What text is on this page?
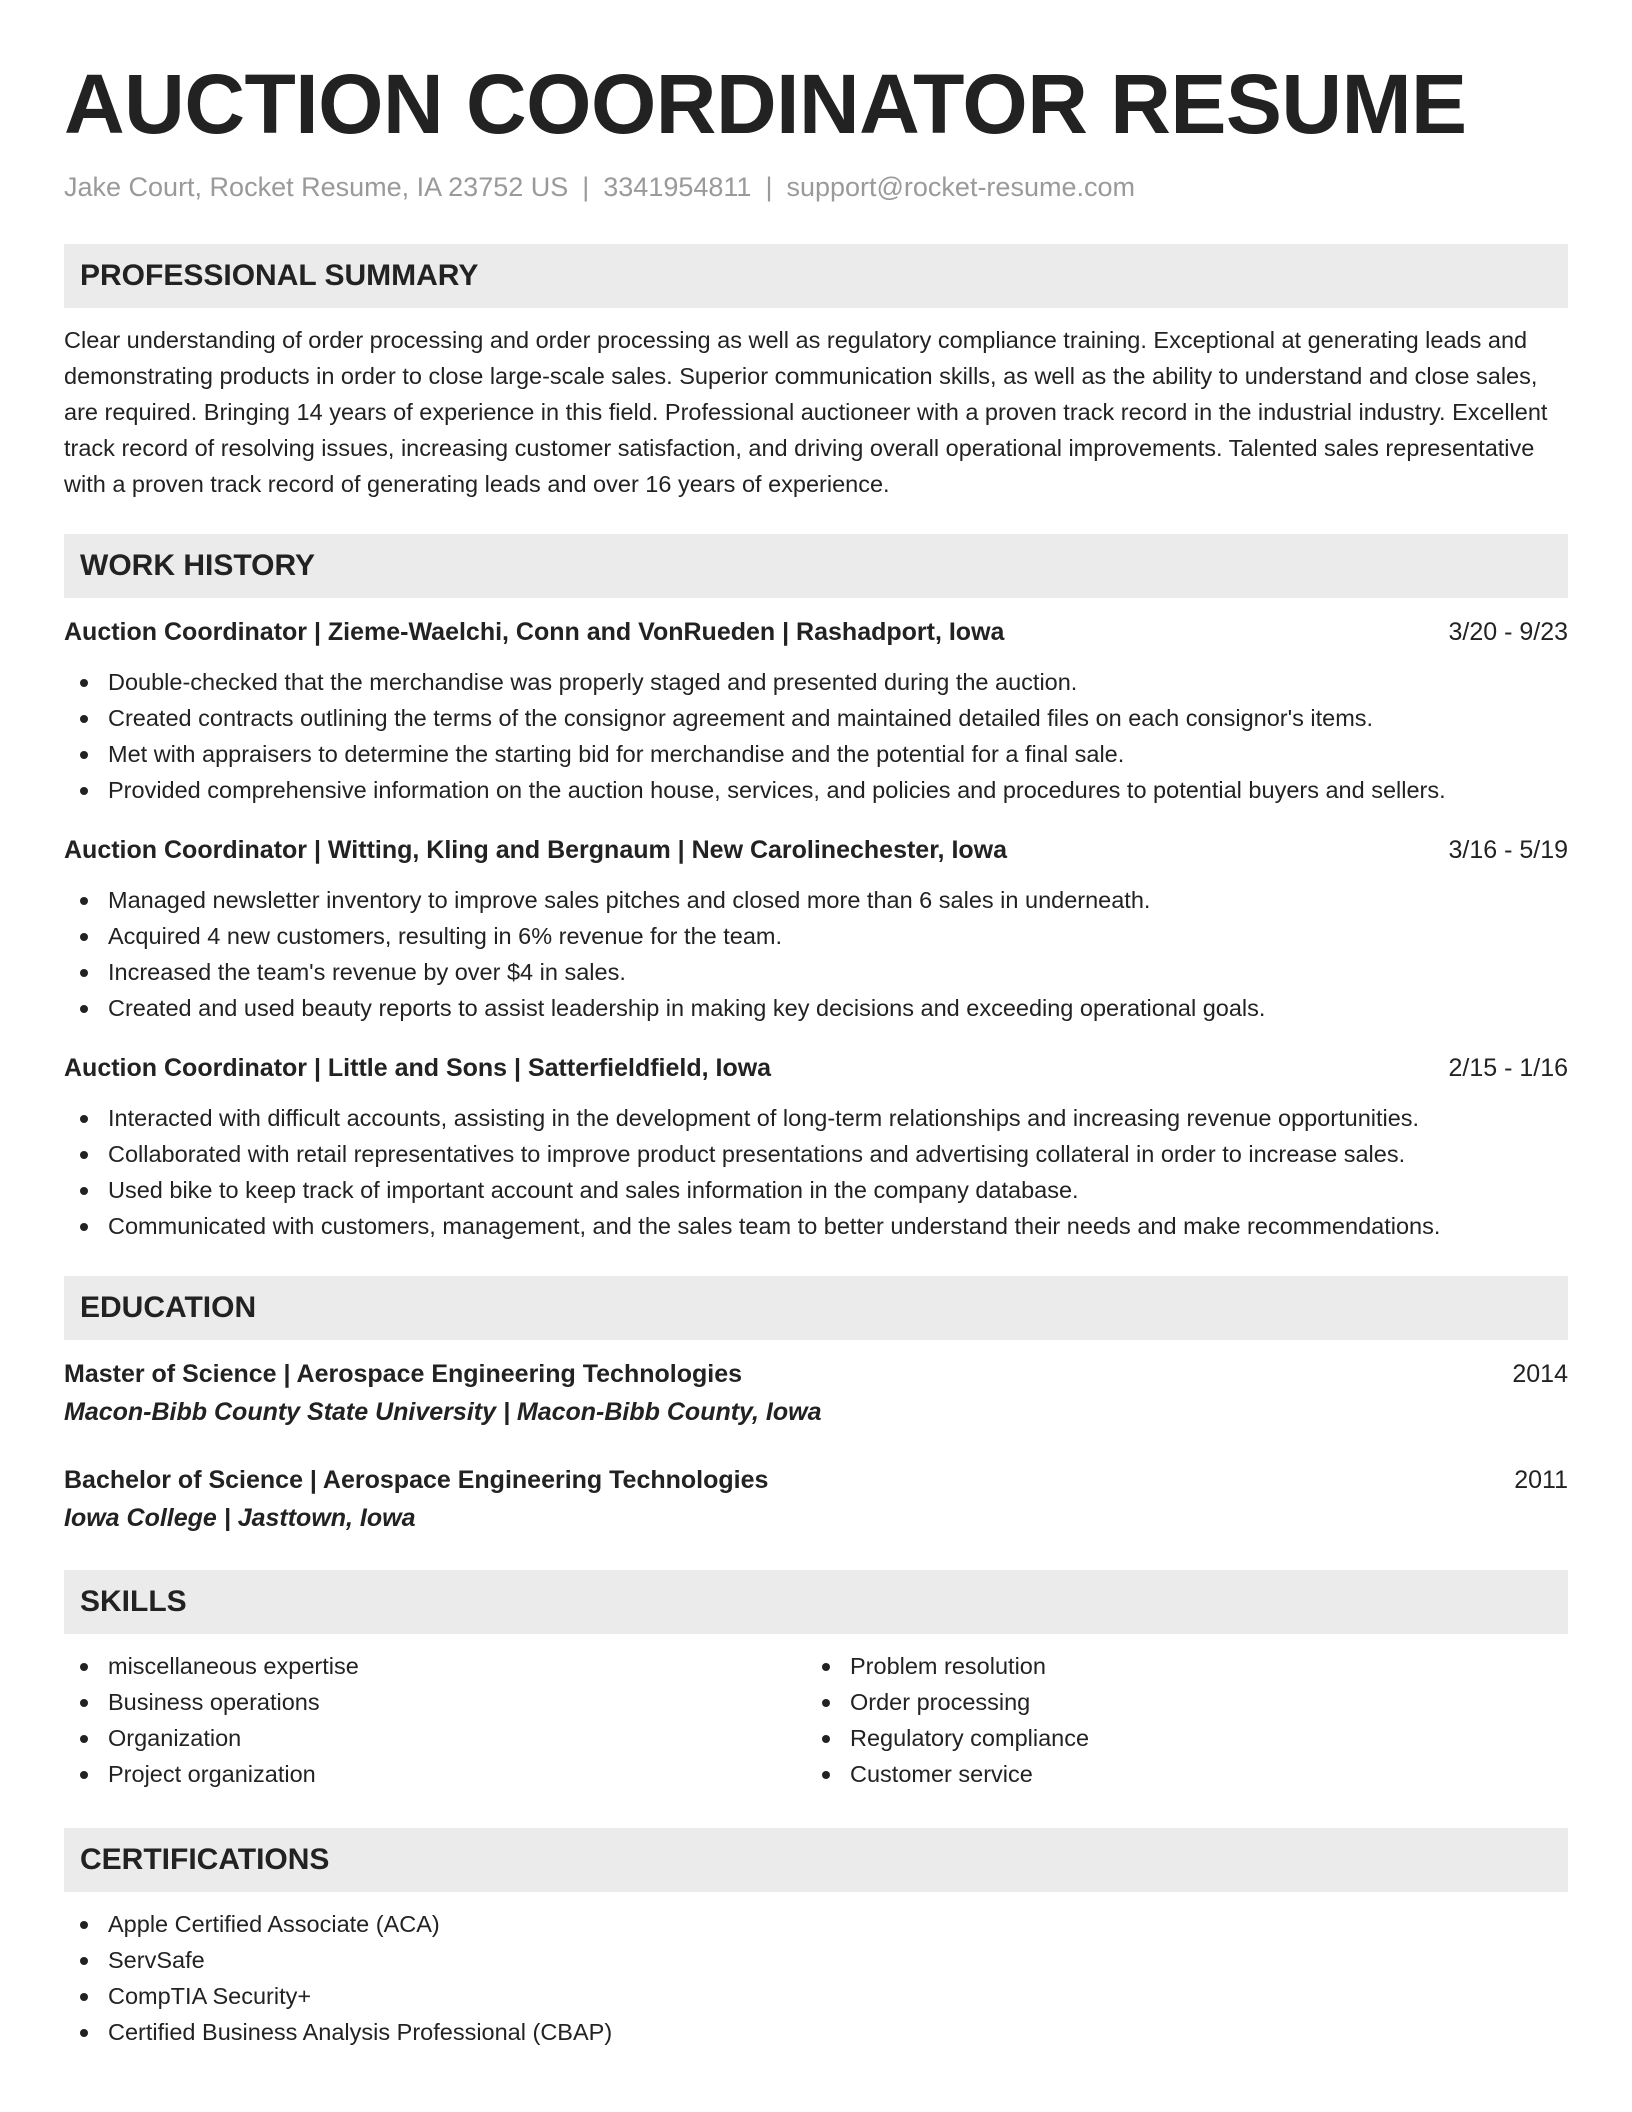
AUCTION COORDINATOR RESUME
Jake Court, Rocket Resume, IA 23752 US | 3341954811 | support@rocket-resume.com
PROFESSIONAL SUMMARY

Clear understanding of order processing and order processing as well as regulatory compliance training. Exceptional at generating leads and demonstrating products in order to close large-scale sales. Superior communication skills, as well as the ability to understand and close sales, are required. Bringing 14 years of experience in this field. Professional auctioneer with a proven track record in the industrial industry. Excellent track record of resolving issues, increasing customer satisfaction, and driving overall operational improvements. Talented sales representative with a proven track record of generating leads and over 16 years of experience.

WORK HISTORY
Auction Coordinator | Zieme-Waelchi, Conn and VonRueden | Rashadport, Iowa	3/20 - 9/23
Double-checked that the merchandise was properly staged and presented during the auction.
Created contracts outlining the terms of the consignor agreement and maintained detailed files on each consignor's items.
Met with appraisers to determine the starting bid for merchandise and the potential for a final sale.
Provided comprehensive information on the auction house, services, and policies and procedures to potential buyers and sellers.
Auction Coordinator | Witting, Kling and Bergnaum | New Carolinechester, Iowa	3/16 - 5/19
Managed newsletter inventory to improve sales pitches and closed more than 6 sales in underneath.
Acquired 4 new customers, resulting in 6% revenue for the team.
Increased the team's revenue by over $4 in sales.
Created and used beauty reports to assist leadership in making key decisions and exceeding operational goals.
Auction Coordinator | Little and Sons | Satterfieldfield, Iowa	2/15 - 1/16
Interacted with difficult accounts, assisting in the development of long-term relationships and increasing revenue opportunities.
Collaborated with retail representatives to improve product presentations and advertising collateral in order to increase sales.
Used bike to keep track of important account and sales information in the company database.
Communicated with customers, management, and the sales team to better understand their needs and make recommendations.
EDUCATION
Master of Science | Aerospace Engineering Technologies	2014
Macon-Bibb County State University | Macon-Bibb County, Iowa
Bachelor of Science | Aerospace Engineering Technologies	2011
Iowa College | Jasttown, Iowa
SKILLS
miscellaneous expertise
Business operations
Organization
Project organization
Problem resolution
Order processing
Regulatory compliance
Customer service
CERTIFICATIONS
Apple Certified Associate (ACA)
ServSafe
CompTIA Security+
Certified Business Analysis Professional (CBAP)
